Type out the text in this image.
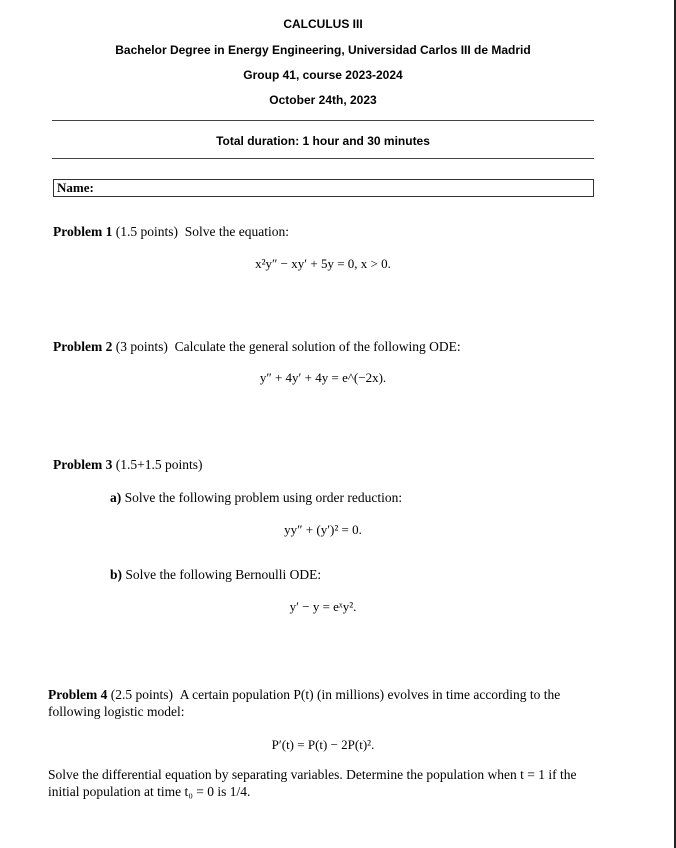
CALCULUS III
Bachelor Degree in Energy Engineering, Universidad Carlos III de Madrid
Group 41, course 2023-2024
October 24th, 2023
Total duration: 1 hour and 30 minutes
Name:
Problem 1 (1.5 points) Solve the equation:
x²y″ − xy′ + 5y = 0, x > 0.
Problem 2 (3 points) Calculate the general solution of the following ODE:
y″ + 4y′ + 4y = e^(−2x).
Problem 3 (1.5+1.5 points)
a) Solve the following problem using order reduction:
yy″ + (y′)² = 0.
b) Solve the following Bernoulli ODE:
y′ − y = eˣy².
Problem 4 (2.5 points) A certain population P(t) (in millions) evolves in time according to the following logistic model:
P′(t) = P(t) − 2P(t)².
Solve the differential equation by separating variables. Determine the population when t = 1 if the initial population at time t₀ = 0 is 1/4.
